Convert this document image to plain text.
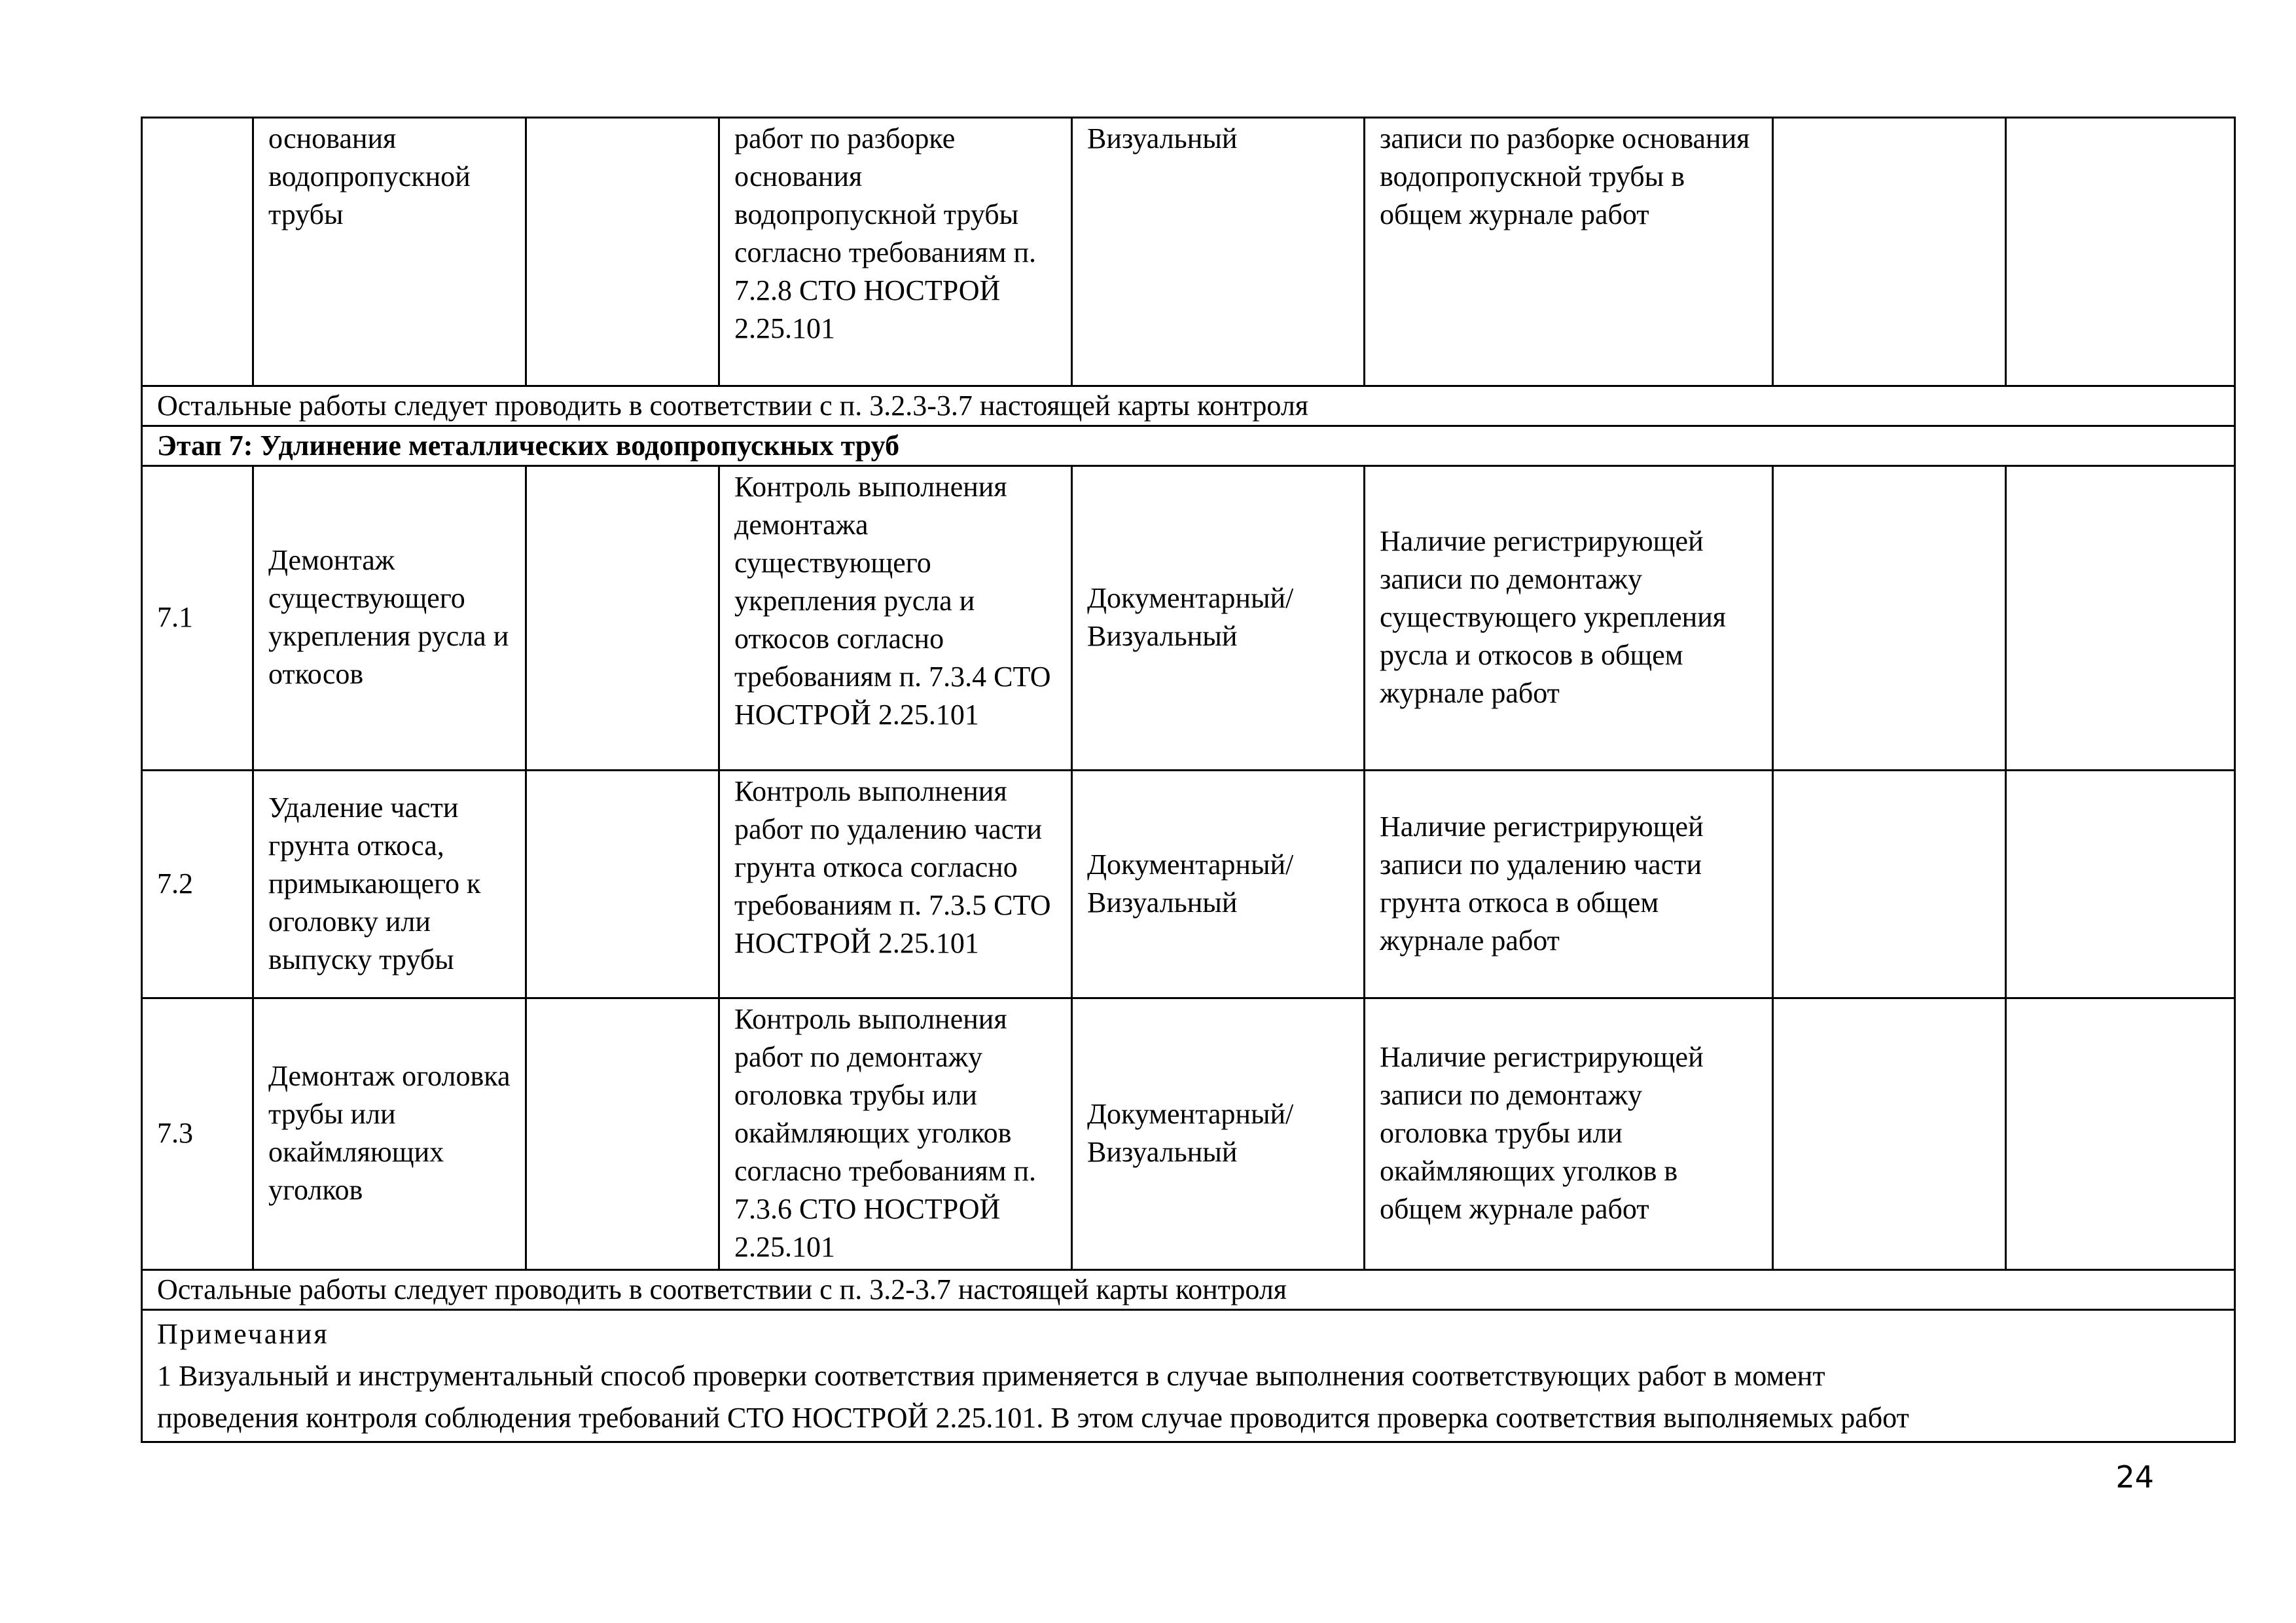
	основания водопропускной трубы		работ по разборке основания водопропускной трубы согласно требованиям п. 7.2.8 СТО НОСТРОЙ 2.25.101	Визуальный	записи по разборке основания водопропускной трубы в общем журнале работ		
Остальные работы следует проводить в соответствии с п. 3.2.3-3.7 настоящей карты контроля							
Этап 7: Удлинение металлических водопропускных труб							
7.1	Демонтаж существующего укрепления русла и откосов		Контроль выполнения демонтажа существующего укрепления русла и откосов согласно требованиям п. 7.3.4 СТО НОСТРОЙ 2.25.101	Документарный/ Визуальный	Наличие регистрирующей записи по демонтажу существующего укрепления русла и откосов в общем журнале работ		
7.2	Удаление части грунта откоса, примыкающего к оголовку или выпуску трубы		Контроль выполнения работ по удалению части грунта откоса согласно требованиям п. 7.3.5 СТО НОСТРОЙ 2.25.101	Документарный/ Визуальный	Наличие регистрирующей записи по удалению части грунта откоса в общем журнале работ		
7.3	Демонтаж оголовка трубы или окаймляющих уголков		Контроль выполнения работ по демонтажу оголовка трубы или окаймляющих уголков согласно требованиям п. 7.3.6 СТО НОСТРОЙ 2.25.101	Документарный/ Визуальный	Наличие регистрирующей записи по демонтажу оголовка трубы или окаймляющих уголков в общем журнале работ		
Остальные работы следует проводить в соответствии с п. 3.2-3.7 настоящей карты контроля							

Примечания
1 Визуальный и инструментальный способ проверки соответствия применяется в случае выполнения соответствующих работ в момент
проведения контроля соблюдения требований СТО НОСТРОЙ 2.25.101. В этом случае проводится проверка соответствия выполняемых работ							
24
